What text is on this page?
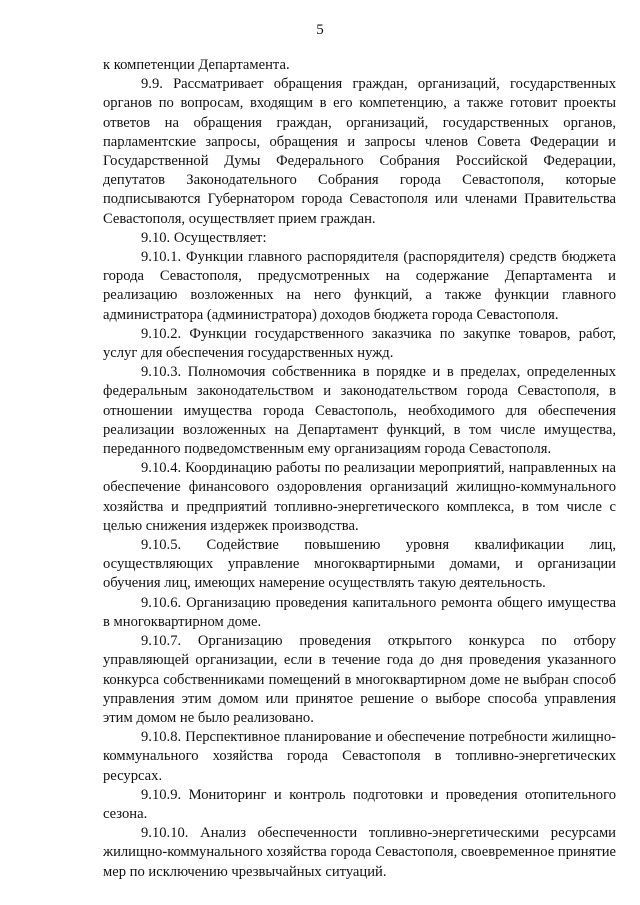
5

к компетенции Департамента.

9.9. Рассматривает обращения граждан, организаций, государственных органов по вопросам, входящим в его компетенцию, а также готовит проекты ответов на обращения граждан, организаций, государственных органов, парламентские запросы, обращения и запросы членов Совета Федерации и Государственной Думы Федерального Собрания Российской Федерации, депутатов Законодательного Собрания города Севастополя, которые подписываются Губернатором города Севастополя или членами Правительства Севастополя, осуществляет прием граждан.

9.10. Осуществляет:

9.10.1. Функции главного распорядителя (распорядителя) средств бюджета города Севастополя, предусмотренных на содержание Департамента и реализацию возложенных на него функций, а также функции главного администратора (администратора) доходов бюджета города Севастополя.

9.10.2. Функции государственного заказчика по закупке товаров, работ, услуг для обеспечения государственных нужд.

9.10.3. Полномочия собственника в порядке и в пределах, определенных федеральным законодательством и законодательством города Севастополя, в отношении имущества города Севастополь, необходимого для обеспечения реализации возложенных на Департамент функций, в том числе имущества, переданного подведомственным ему организациям города Севастополя.

9.10.4. Координацию работы по реализации мероприятий, направленных на обеспечение финансового оздоровления организаций жилищно-коммунального хозяйства и предприятий топливно-энергетического комплекса, в том числе с целью снижения издержек производства.

9.10.5. Содействие повышению уровня квалификации лиц, осуществляющих управление многоквартирными домами, и организации обучения лиц, имеющих намерение осуществлять такую деятельность.

9.10.6. Организацию проведения капитального ремонта общего имущества в многоквартирном доме.

9.10.7. Организацию проведения открытого конкурса по отбору управляющей организации, если в течение года до дня проведения указанного конкурса собственниками помещений в многоквартирном доме не выбран способ управления этим домом или принятое решение о выборе способа управления этим домом не было реализовано.

9.10.8. Перспективное планирование и обеспечение потребности жилищно-коммунального хозяйства города Севастополя в топливно-энергетических ресурсах.

9.10.9. Мониторинг и контроль подготовки и проведения отопительного сезона.

9.10.10. Анализ обеспеченности топливно-энергетическими ресурсами жилищно-коммунального хозяйства города Севастополя, своевременное принятие мер по исключению чрезвычайных ситуаций.
